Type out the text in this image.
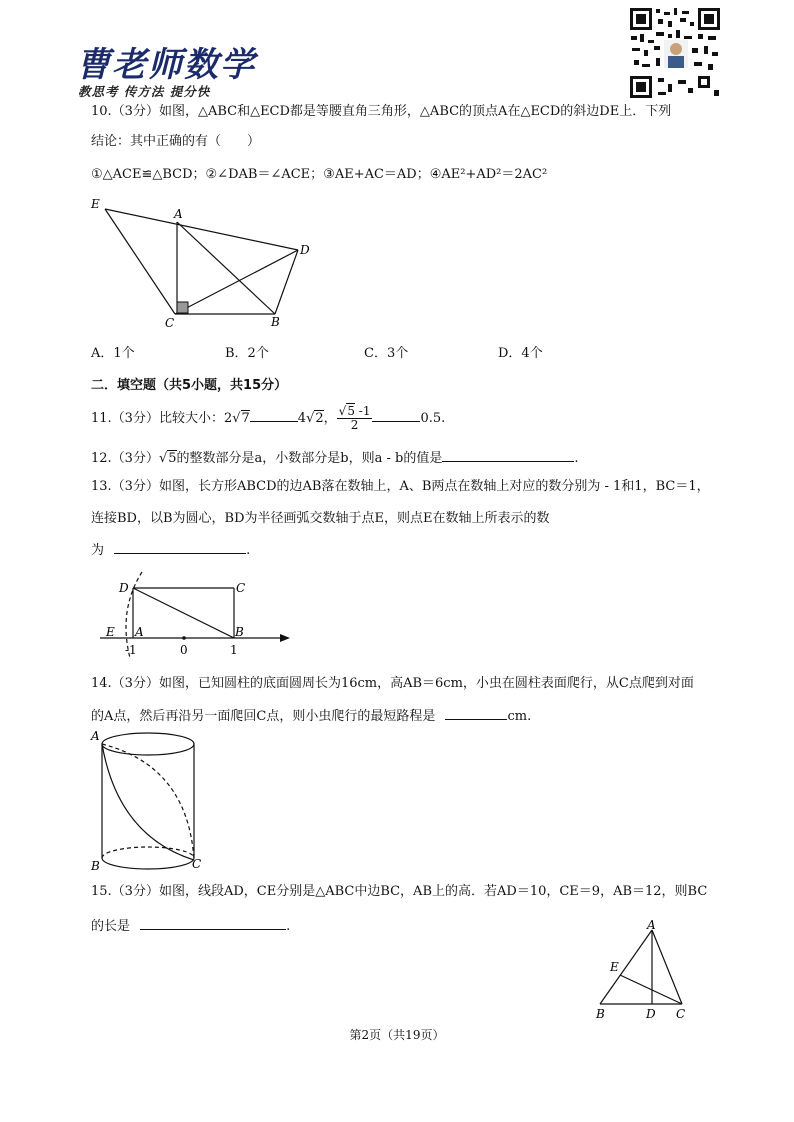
曹老师数学
教思考 传方法 提分快
10.（3分）如图，△ABC和△ECD都是等腰直角三角形，△ABC的顶点A在△ECD的斜边DE上．下列
结论：其中正确的有（　　）
①△ACE≌△BCD；②∠DAB＝∠ACE；③AE+AC＝AD；④AE²+AD²＝2AC²
E
A
D
C	B
A．1个	B．2个	C．3个	D．4个
二．填空题（共5小题，共15分）
11.（3分）比较大小：2√7	4√2， $\frac{√5 -1}{2}$	0.5.
12.（3分）√5的整数部分是a，小数部分是b，则a - b的值是	.
13.（3分）如图，长方形ABCD的边AB落在数轴上，A、B两点在数轴上对应的数分别为 - 1和1，BC＝1，
连接BD，以B为圆心，BD为半径画弧交数轴于点E，则点E在数轴上所表示的数
为	.
D	C
E A	B
-1	0	1
14.（3分）如图，已知圆柱的底面圆周长为16cm，高AB＝6cm，小虫在圆柱表面爬行，从C点爬到对面
的A点，然后再沿另一面爬回C点，则小虫爬行的最短路程是	cm.
A
B	C
15.（3分）如图，线段AD，CE分别是△ABC中边BC，AB上的高．若AD＝10，CE＝9，AB＝12，则BC
的长是	.	A
E
B	D C
第2页（共19页）
